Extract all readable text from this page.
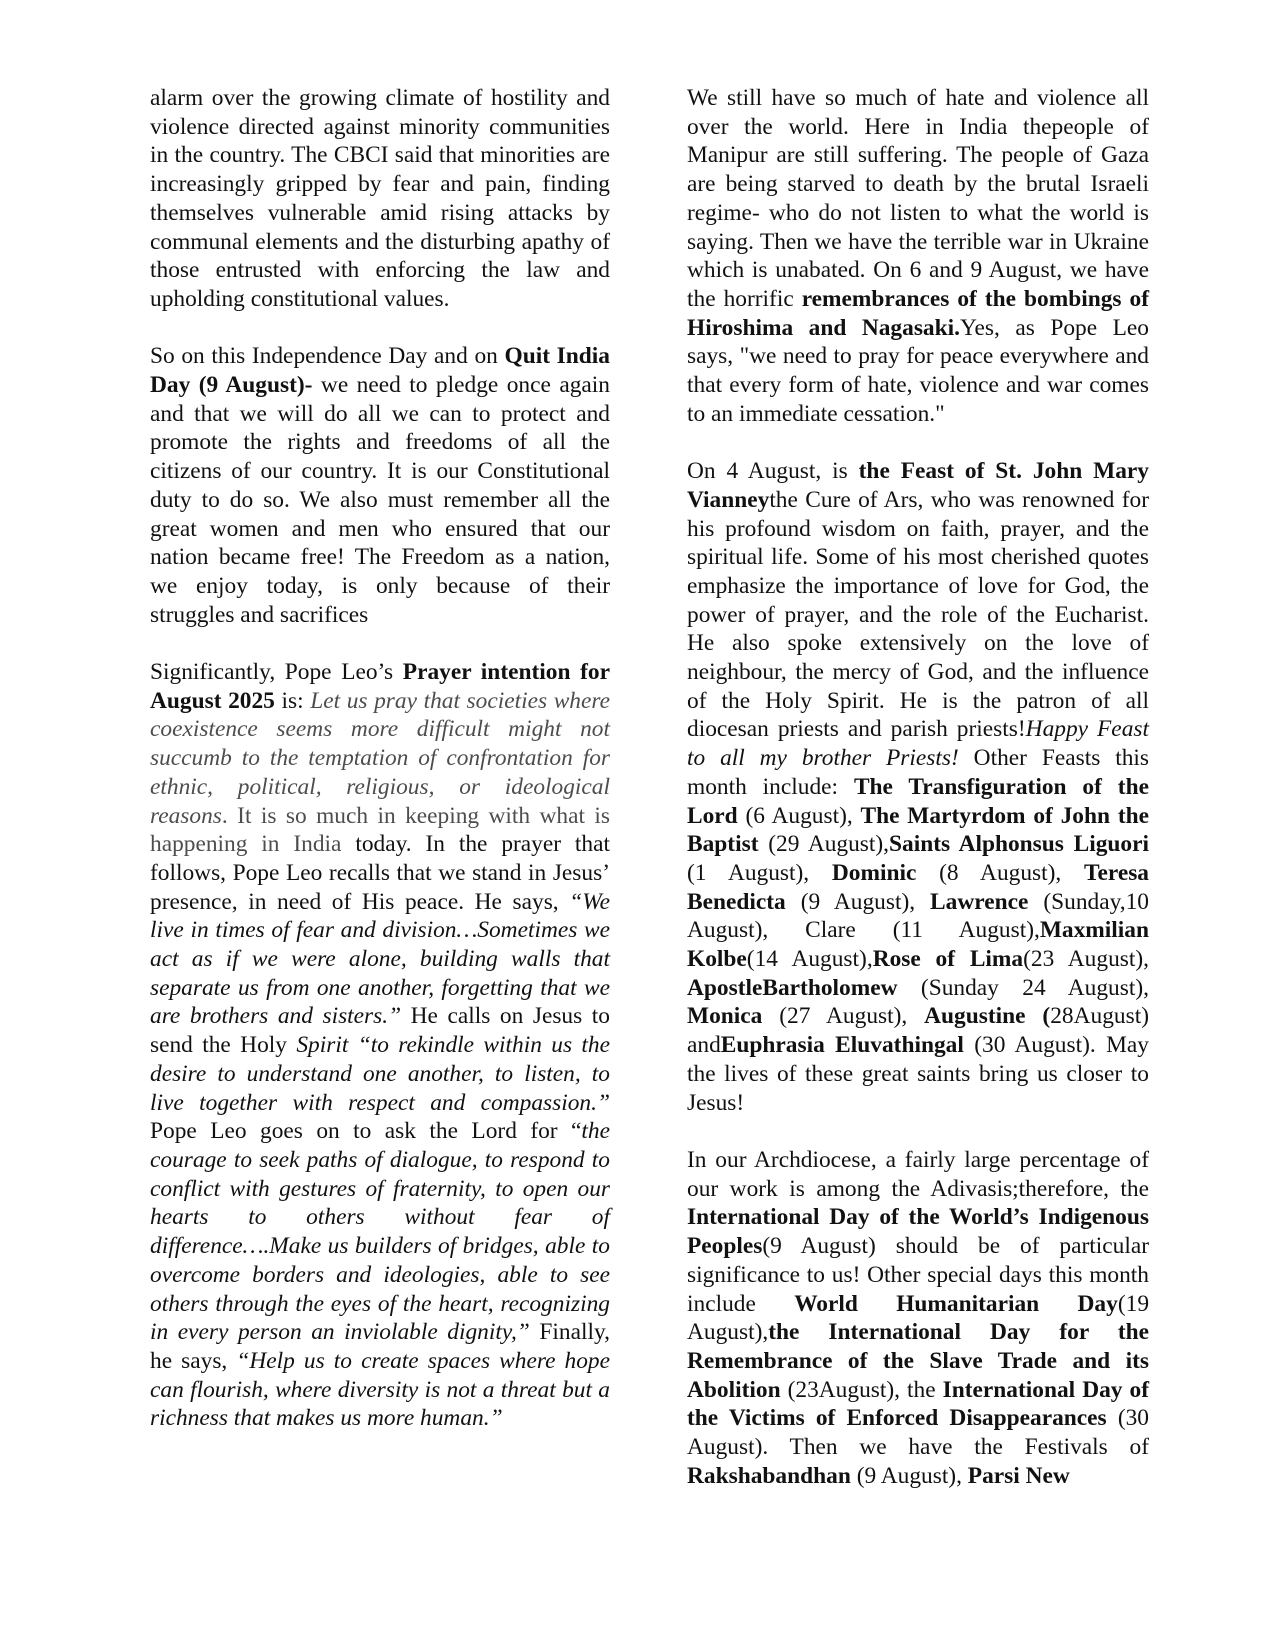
alarm over the growing climate of hostility and violence directed against minority communities in the country. The CBCI said that minorities are increasingly gripped by fear and pain, finding themselves vulnerable amid rising attacks by communal elements and the disturbing apathy of those entrusted with enforcing the law and upholding constitutional values.

So on this Independence Day and on Quit India Day (9 August)- we need to pledge once again and that we will do all we can to protect and promote the rights and freedoms of all the citizens of our country. It is our Constitutional duty to do so. We also must remember all the great women and men who ensured that our nation became free! The Freedom as a nation, we enjoy today, is only because of their struggles and sacrifices

Significantly, Pope Leo’s Prayer intention for August 2025 is: Let us pray that societies where coexistence seems more difficult might not succumb to the temptation of confrontation for ethnic, political, religious, or ideological reasons. It is so much in keeping with what is happening in India today. In the prayer that follows, Pope Leo recalls that we stand in Jesus’ presence, in need of His peace. He says, “We live in times of fear and division…Sometimes we act as if we were alone, building walls that separate us from one another, forgetting that we are brothers and sisters.” He calls on Jesus to send the Holy Spirit “to rekindle within us the desire to understand one another, to listen, to live together with respect and compassion.” Pope Leo goes on to ask the Lord for “the courage to seek paths of dialogue, to respond to conflict with gestures of fraternity, to open our hearts to others without fear of difference….Make us builders of bridges, able to overcome borders and ideologies, able to see others through the eyes of the heart, recognizing in every person an inviolable dignity,” Finally, he says, “Help us to create spaces where hope can flourish, where diversity is not a threat but a richness that makes us more human.”

We still have so much of hate and violence all over the world. Here in India thepeople of Manipur are still suffering. The people of Gaza are being starved to death by the brutal Israeli regime- who do not listen to what the world is saying. Then we have the terrible war in Ukraine which is unabated. On 6 and 9 August, we have the horrific remembrances of the bombings of Hiroshima and Nagasaki.Yes, as Pope Leo says, "we need to pray for peace everywhere and that every form of hate, violence and war comes to an immediate cessation."

On 4 August, is the Feast of St. John Mary Vianneythe Cure of Ars, who was renowned for his profound wisdom on faith, prayer, and the spiritual life. Some of his most cherished quotes emphasize the importance of love for God, the power of prayer, and the role of the Eucharist. He also spoke extensively on the love of neighbour, the mercy of God, and the influence of the Holy Spirit. He is the patron of all diocesan priests and parish priests!Happy Feast to all my brother Priests! Other Feasts this month include: The Transfiguration of the Lord (6 August), The Martyrdom of John the Baptist (29 August),Saints Alphonsus Liguori (1 August), Dominic (8 August), Teresa Benedicta (9 August), Lawrence (Sunday,10 August), Clare (11 August),Maxmilian Kolbe(14 August),Rose of Lima(23 August), ApostleBartholomew (Sunday 24 August), Monica (27 August), Augustine (28August) andEuphrasia Eluvathingal (30 August). May the lives of these great saints bring us closer to Jesus!

In our Archdiocese, a fairly large percentage of our work is among the Adivasis;therefore, the International Day of the World’s Indigenous Peoples(9 August) should be of particular significance to us! Other special days this month include World Humanitarian Day(19 August),the International Day for the Remembrance of the Slave Trade and its Abolition (23August), the International Day of the Victims of Enforced Disappearances (30 August). Then we have the Festivals of Rakshabandhan (9 August), Parsi New
